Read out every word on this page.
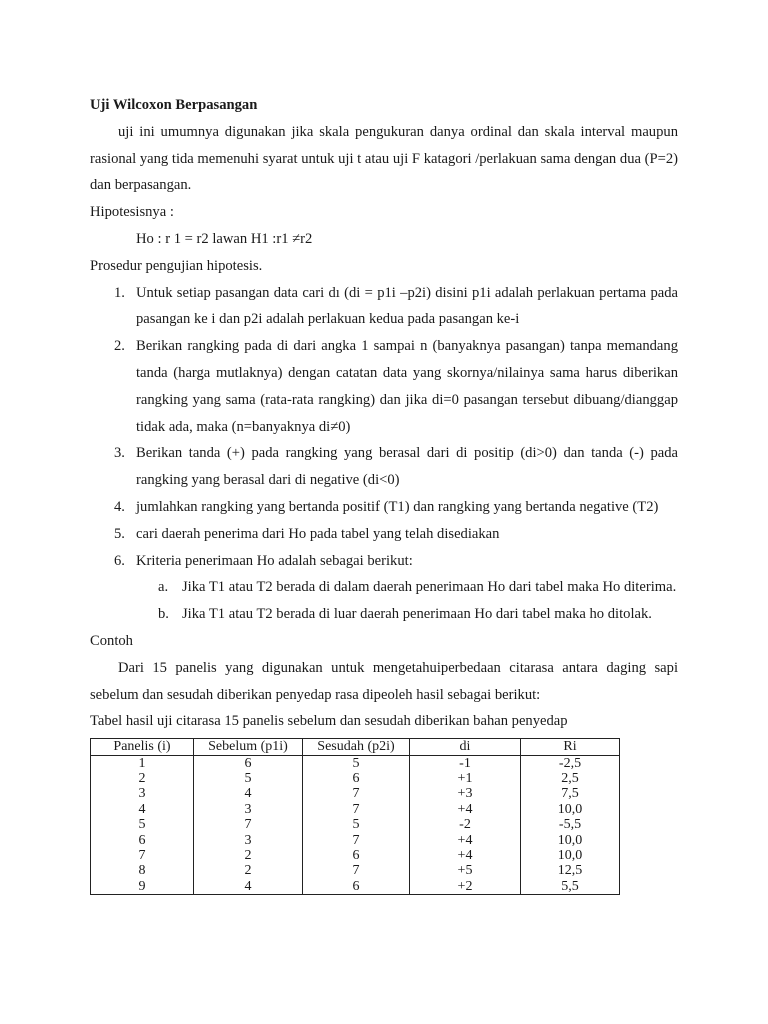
Uji Wilcoxon Berpasangan

uji ini umumnya digunakan jika skala pengukuran danya ordinal dan skala interval maupun rasional yang tida memenuhi syarat untuk uji t atau uji F katagori /perlakuan sama dengan dua (P=2) dan berpasangan.

Hipotesisnya :

Ho : r 1 = r2 lawan H1 :r1 ≠r2

Prosedur pengujian hipotesis.

1. Untuk setiap pasangan data cari dı (di = p1i –p2i) disini p1i adalah perlakuan pertama pada pasangan ke i dan p2i adalah perlakuan kedua pada pasangan ke-i
2. Berikan rangking pada di dari angka 1 sampai n (banyaknya pasangan) tanpa memandang tanda (harga mutlaknya) dengan catatan data yang skornya/nilainya sama harus diberikan rangking yang sama (rata-rata rangking) dan jika di=0 pasangan tersebut dibuang/dianggap tidak ada, maka (n=banyaknya di≠0)
3. Berikan tanda (+) pada rangking yang berasal dari di positip (di>0) dan tanda (-) pada rangking yang berasal dari di negative (di<0)
4. jumlahkan rangking yang bertanda positif (T1) dan rangking yang bertanda negative (T2)
5. cari daerah penerima dari Ho pada tabel yang telah disediakan
6. Kriteria penerimaan Ho adalah sebagai berikut:
a. Jika T1 atau T2 berada di dalam daerah penerimaan Ho dari tabel maka Ho diterima.
b. Jika T1 atau T2 berada di luar daerah penerimaan Ho dari tabel maka ho ditolak.

Contoh

Dari 15 panelis yang digunakan untuk mengetahuiperbedaan citarasa antara daging sapi sebelum dan sesudah diberikan penyedap rasa dipeoleh hasil sebagai berikut:

Tabel hasil uji citarasa 15 panelis sebelum dan sesudah diberikan bahan penyedap

Panelis (i)	Sebelum (p1i)	Sesudah (p2i)	di	Ri
1	6	5	-1	-2,5
2	5	6	+1	2,5
3	4	7	+3	7,5
4	3	7	+4	10,0
5	7	5	-2	-5,5
6	3	7	+4	10,0
7	2	6	+4	10,0
8	2	7	+5	12,5
9	4	6	+2	5,5
